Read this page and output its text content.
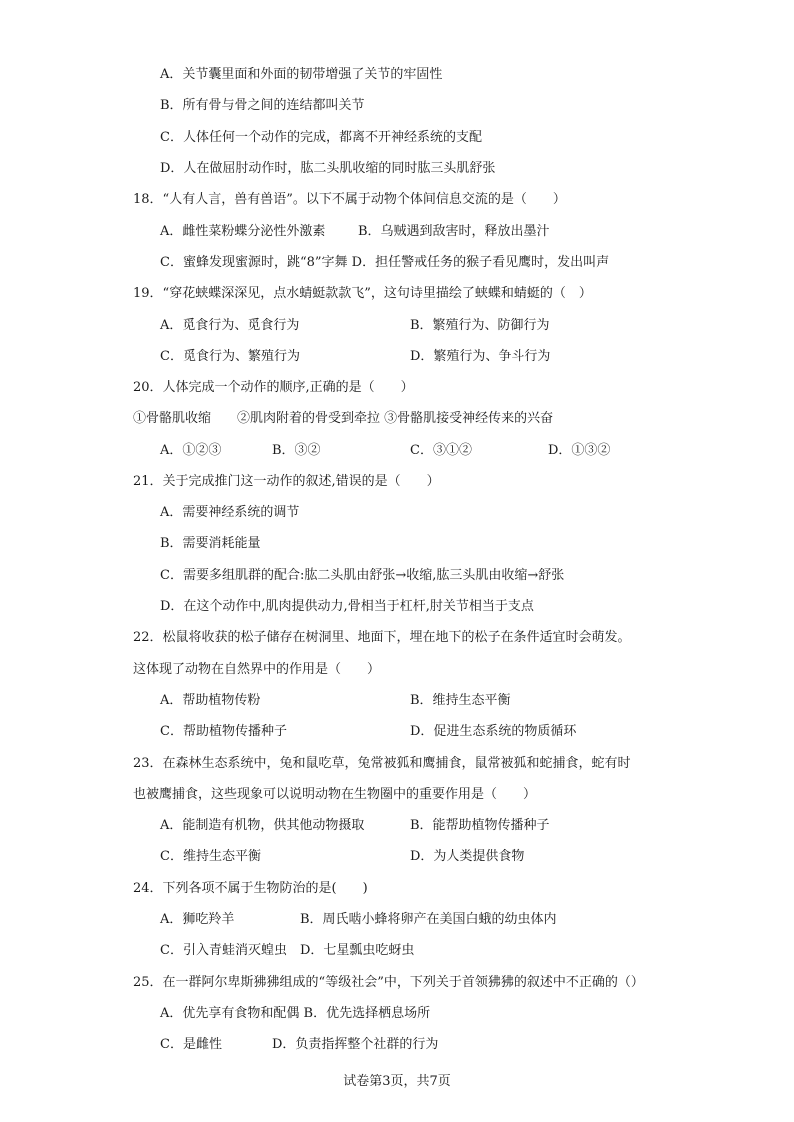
A．关节囊里面和外面的韧带增强了关节的牢固性
B．所有骨与骨之间的连结都叫关节
C．人体任何一个动作的完成，都离不开神经系统的支配
D．人在做屈肘动作时，肱二头肌收缩的同时肱三头肌舒张
18．“人有人言，兽有兽语”。以下不属于动物个体间信息交流的是（　　）
A．雌性菜粉蝶分泌性外激素	B．乌贼遇到敌害时，释放出墨汁
C．蜜蜂发现蜜源时，跳“8”字舞 D．担任警戒任务的猴子看见鹰时，发出叫声
19．“穿花蛱蝶深深见，点水蜻蜓款款飞”，这句诗里描绘了蛱蝶和蜻蜓的（　）
A．觅食行为、觅食行为	B．繁殖行为、防御行为
C．觅食行为、繁殖行为	D．繁殖行为、争斗行为
20．人体完成一个动作的顺序,正确的是（　　）
①骨骼肌收缩　　②肌肉附着的骨受到牵拉 ③骨骼肌接受神经传来的兴奋
A．①②③	B．③②	C．③①②	D．①③②
21．关于完成推门这一动作的叙述,错误的是（　　）
A．需要神经系统的调节
B．需要消耗能量
C．需要多组肌群的配合:肱二头肌由舒张→收缩,肱三头肌由收缩→舒张
D．在这个动作中,肌肉提供动力,骨相当于杠杆,肘关节相当于支点
22．松鼠将收获的松子储存在树洞里、地面下，埋在地下的松子在条件适宜时会萌发。
这体现了动物在自然界中的作用是（　　）
A．帮助植物传粉	B．维持生态平衡
C．帮助植物传播种子	D．促进生态系统的物质循环
23．在森林生态系统中，兔和鼠吃草，兔常被狐和鹰捕食，鼠常被狐和蛇捕食，蛇有时
也被鹰捕食，这些现象可以说明动物在生物圈中的重要作用是（　　）
A．能制造有机物，供其他动物摄取	B．能帮助植物传播种子
C．维持生态平衡	D．为人类提供食物
24．下列各项不属于生物防治的是(　　)
A．狮吃羚羊	B．周氏啮小蜂将卵产在美国白蛾的幼虫体内
C．引入青蛙消灭蝗虫 D．七星瓢虫吃蚜虫
25．在一群阿尔卑斯狒狒组成的“等级社会”中，下列关于首领狒狒的叙述中不正确的（）
A．优先享有食物和配偶 B．优先选择栖息场所
C．是雌性	D．负责指挥整个社群的行为
试卷第3页，共7页
